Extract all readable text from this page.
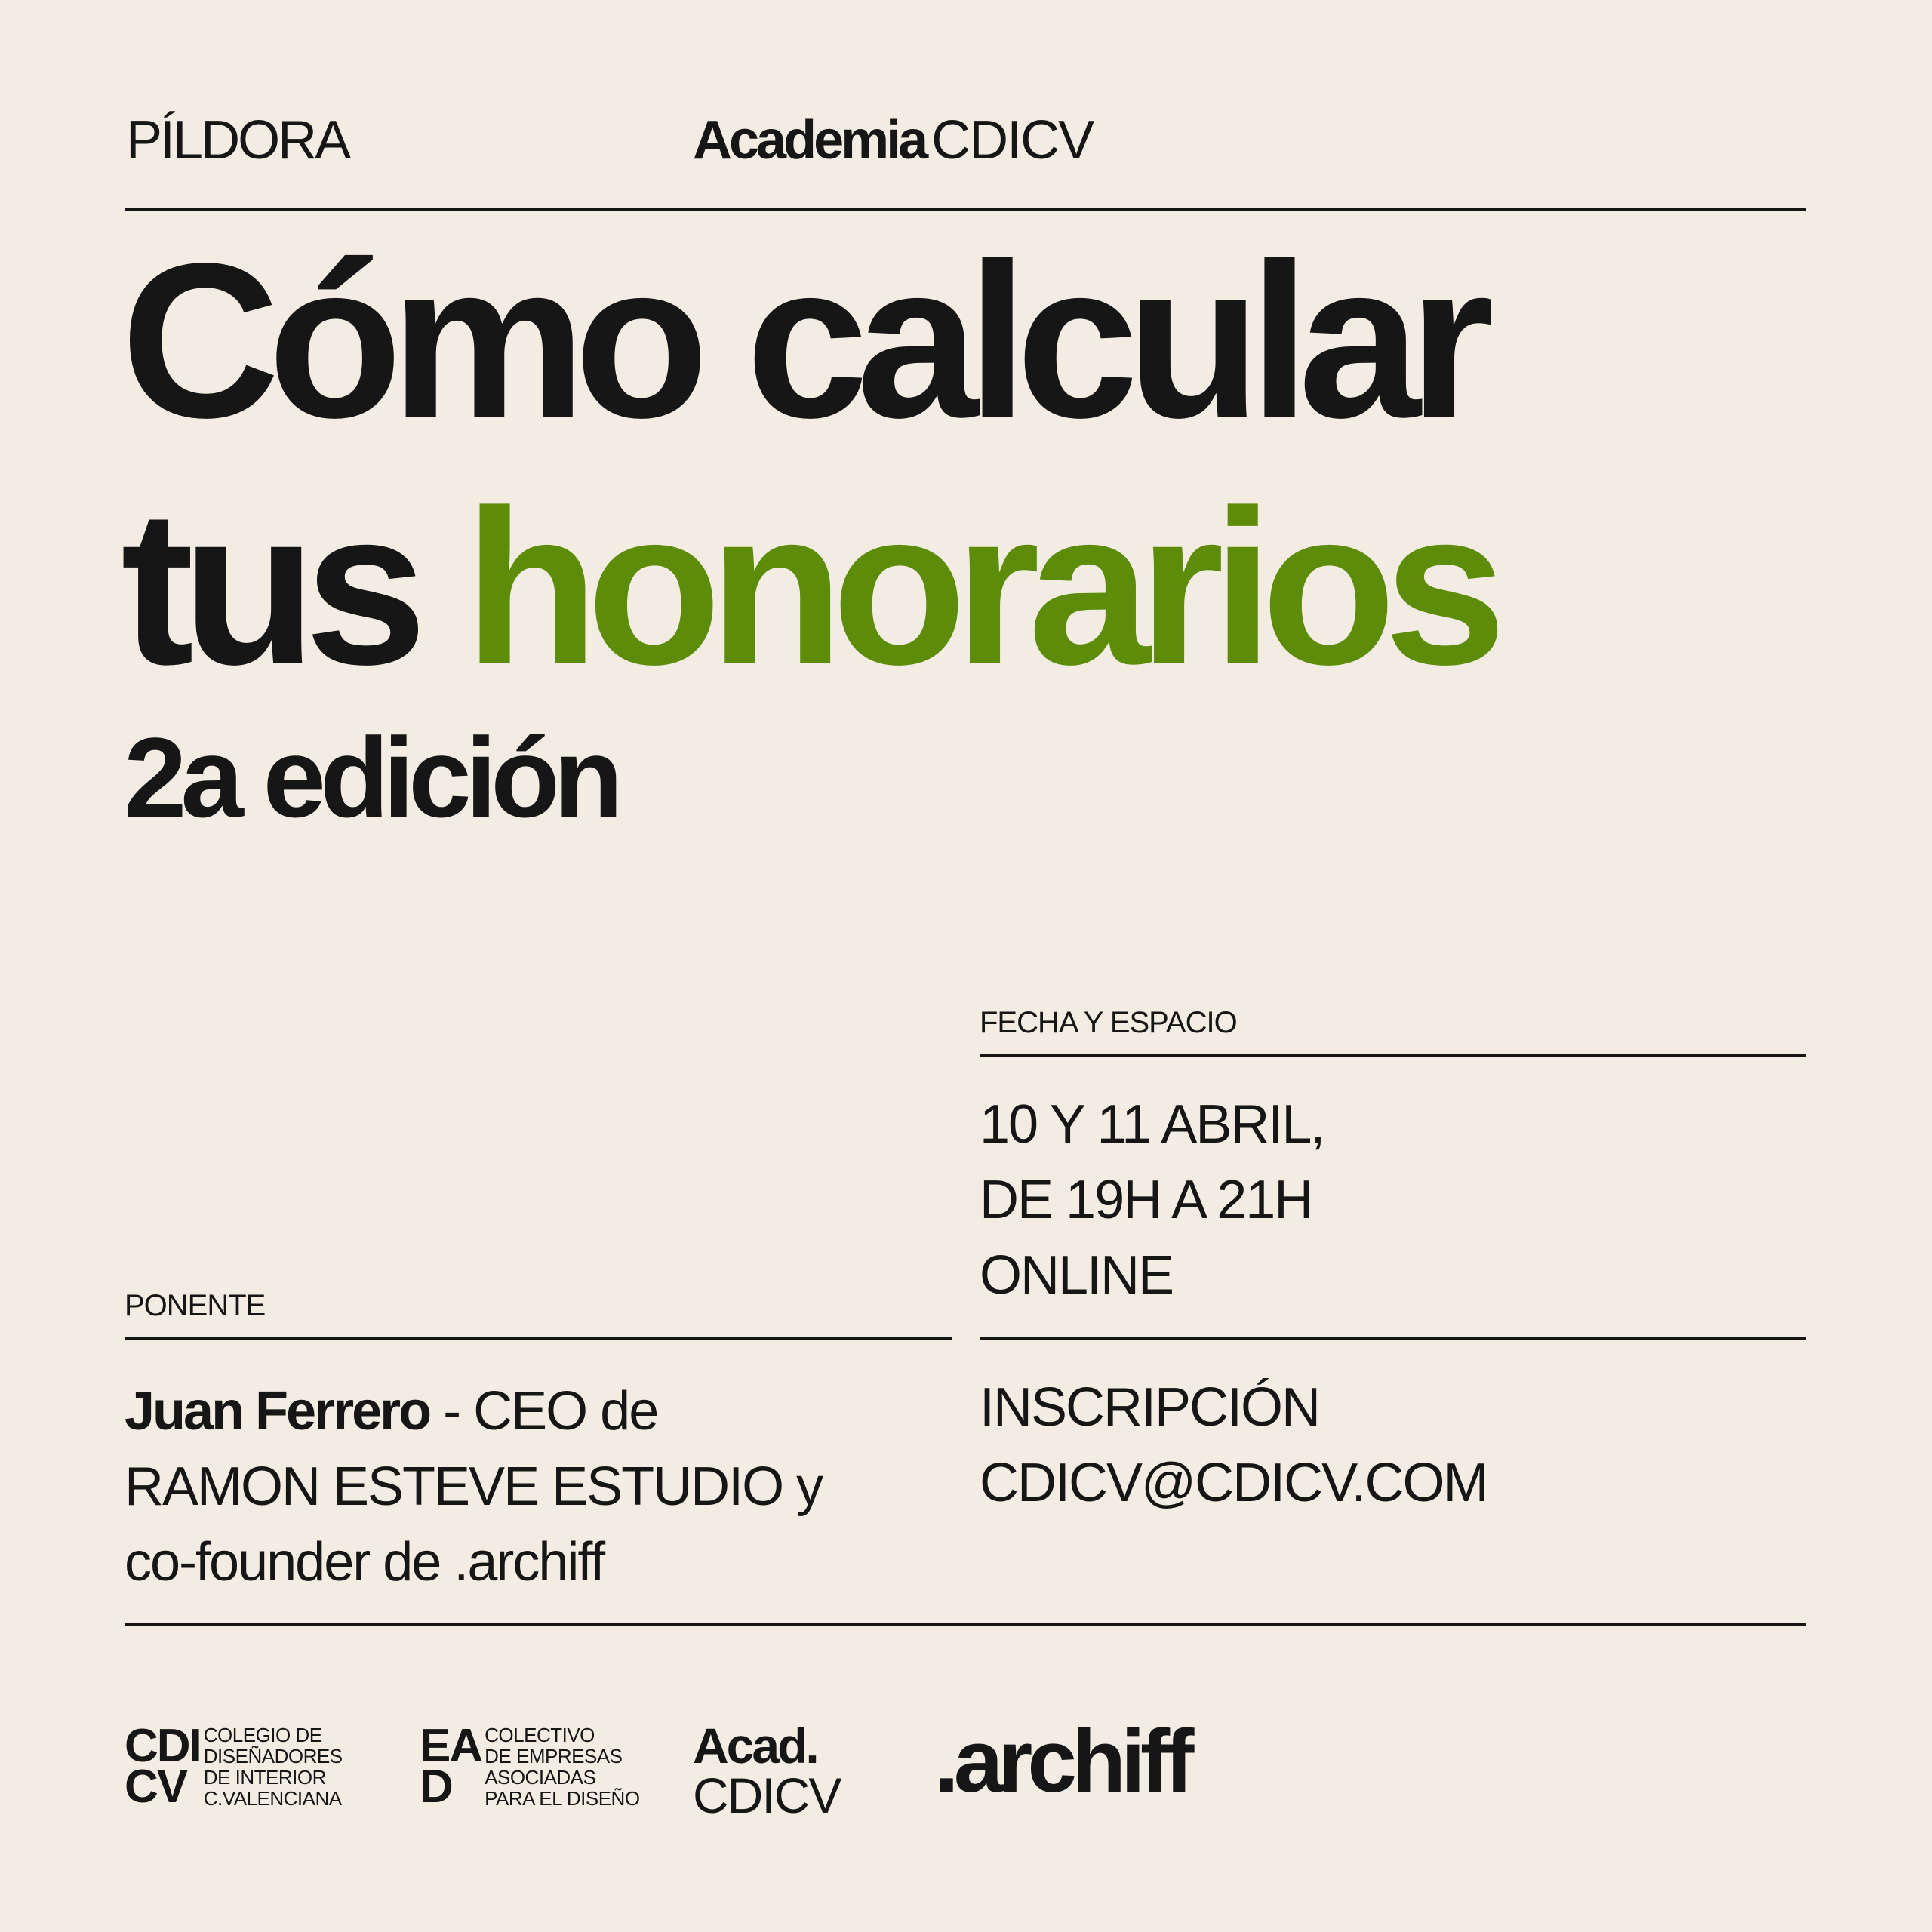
PÍLDORA	Academia CDICV
Cómo calcular
tus honorarios
2a edición
FECHA Y ESPACIO
10 Y 11 ABRIL,
DE 19H A 21H
ONLINE
PONENTE
Juan Ferrero - CEO de
RAMON ESTEVE ESTUDIO y
co-founder de .archiff
INSCRIPCIÓN
CDICV@CDICV.COM
CDI
CV
COLEGIO DE
DISEÑADORES
DE INTERIOR
C.VALENCIANA
EA
D
COLECTIVO
DE EMPRESAS
ASOCIADAS
PARA EL DISEÑO
Acad.
CDICV .archiff
